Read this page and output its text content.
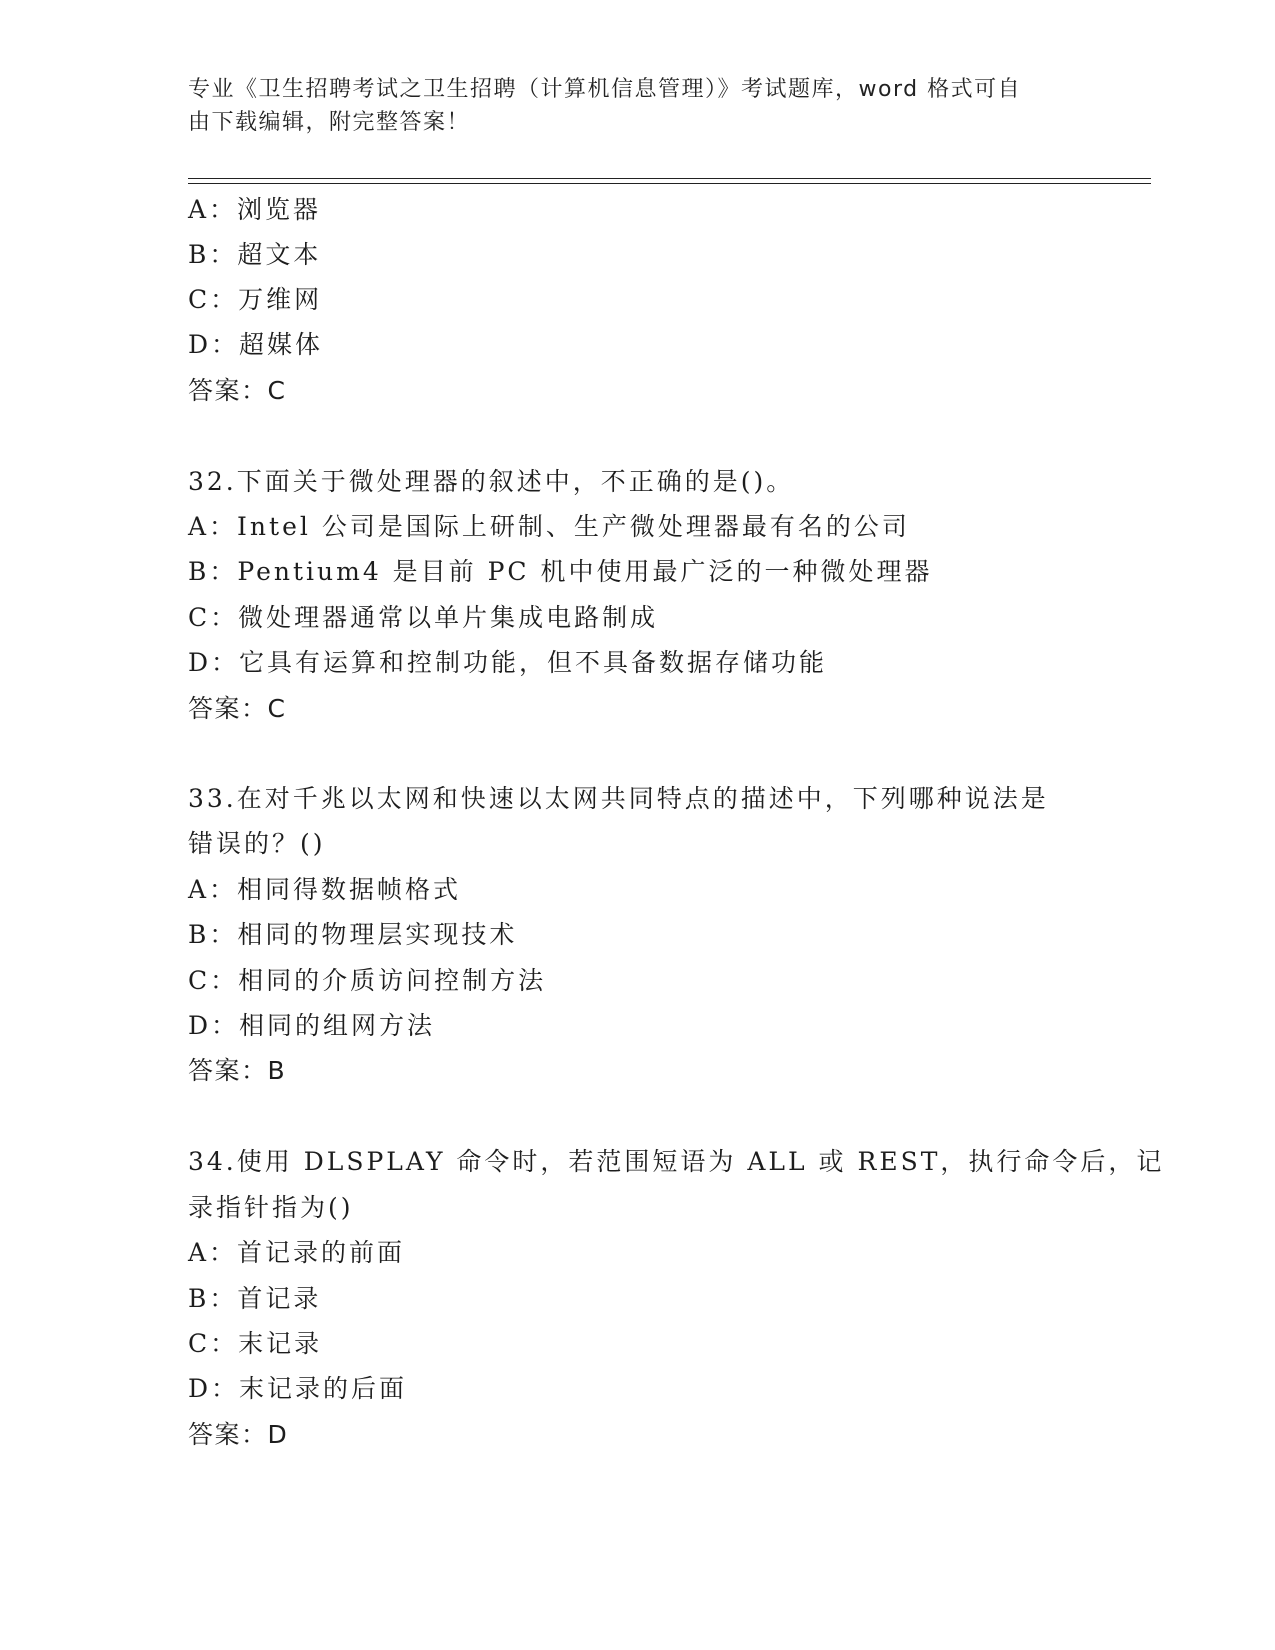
专业《卫生招聘考试之卫生招聘（计算机信息管理）》考试题库，word 格式可自
由下载编辑，附完整答案！
A：浏览器
B：超文本
C：万维网
D：超媒体
答案：C
32.下面关于微处理器的叙述中，不正确的是()。
A：Intel 公司是国际上研制、生产微处理器最有名的公司
B：Pentium4 是目前 PC 机中使用最广泛的一种微处理器
C：微处理器通常以单片集成电路制成
D：它具有运算和控制功能，但不具备数据存储功能
答案：C
33.在对千兆以太网和快速以太网共同特点的描述中，下列哪种说法是
错误的？()
A：相同得数据帧格式
B：相同的物理层实现技术
C：相同的介质访问控制方法
D：相同的组网方法
答案：B
34.使用 DLSPLAY 命令时，若范围短语为 ALL 或 REST，执行命令后，记
录指针指为()
A：首记录的前面
B：首记录
C：末记录
D：末记录的后面
答案：D
